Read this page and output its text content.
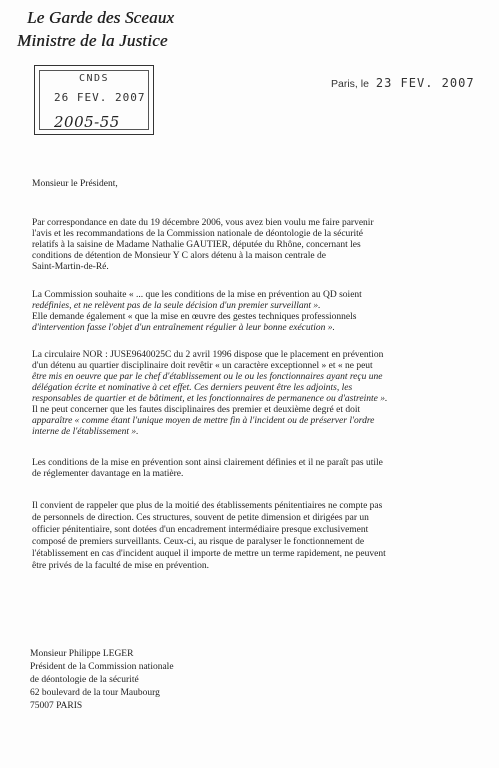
Le Garde des Sceaux
Ministre de la Justice
CNDS
26 FEV. 2007
2005-55
Paris, le 23 FEV. 2007
Monsieur le Président,
Par correspondance en date du 19 décembre 2006, vous avez bien voulu me faire parvenir
l'avis et les recommandations de la Commission nationale de déontologie de la sécurité
relatifs à la saisine de Madame Nathalie GAUTIER, députée du Rhône, concernant les
conditions de détention de Monsieur Y C alors détenu à la maison centrale de
Saint-Martin-de-Ré.
La Commission souhaite « ... que les conditions de la mise en prévention au QD soient
redéfinies, et ne relèvent pas de la seule décision d'un premier surveillant ».
Elle demande également « que la mise en œuvre des gestes techniques professionnels
d'intervention fasse l'objet d'un entraînement régulier à leur bonne exécution ».
La circulaire NOR : JUSE9640025C du 2 avril 1996 dispose que le placement en prévention
d'un détenu au quartier disciplinaire doit revêtir « un caractère exceptionnel » et « ne peut
être mis en oeuvre que par le chef d'établissement ou le ou les fonctionnaires ayant reçu une
délégation écrite et nominative à cet effet. Ces derniers peuvent être les adjoints, les
responsables de quartier et de bâtiment, et les fonctionnaires de permanence ou d'astreinte ».
Il ne peut concerner que les fautes disciplinaires des premier et deuxième degré et doit
apparaître « comme étant l'unique moyen de mettre fin à l'incident ou de préserver l'ordre
interne de l'établissement ».
Les conditions de la mise en prévention sont ainsi clairement définies et il ne paraît pas utile
de réglementer davantage en la matière.
Il convient de rappeler que plus de la moitié des établissements pénitentiaires ne compte pas
de personnels de direction. Ces structures, souvent de petite dimension et dirigées par un
officier pénitentiaire, sont dotées d'un encadrement intermédiaire presque exclusivement
composé de premiers surveillants. Ceux-ci, au risque de paralyser le fonctionnement de
l'établissement en cas d'incident auquel il importe de mettre un terme rapidement, ne peuvent
être privés de la faculté de mise en prévention.
Monsieur Philippe LEGER
Président de la Commission nationale
de déontologie de la sécurité
62 boulevard de la tour Maubourg
75007 PARIS
